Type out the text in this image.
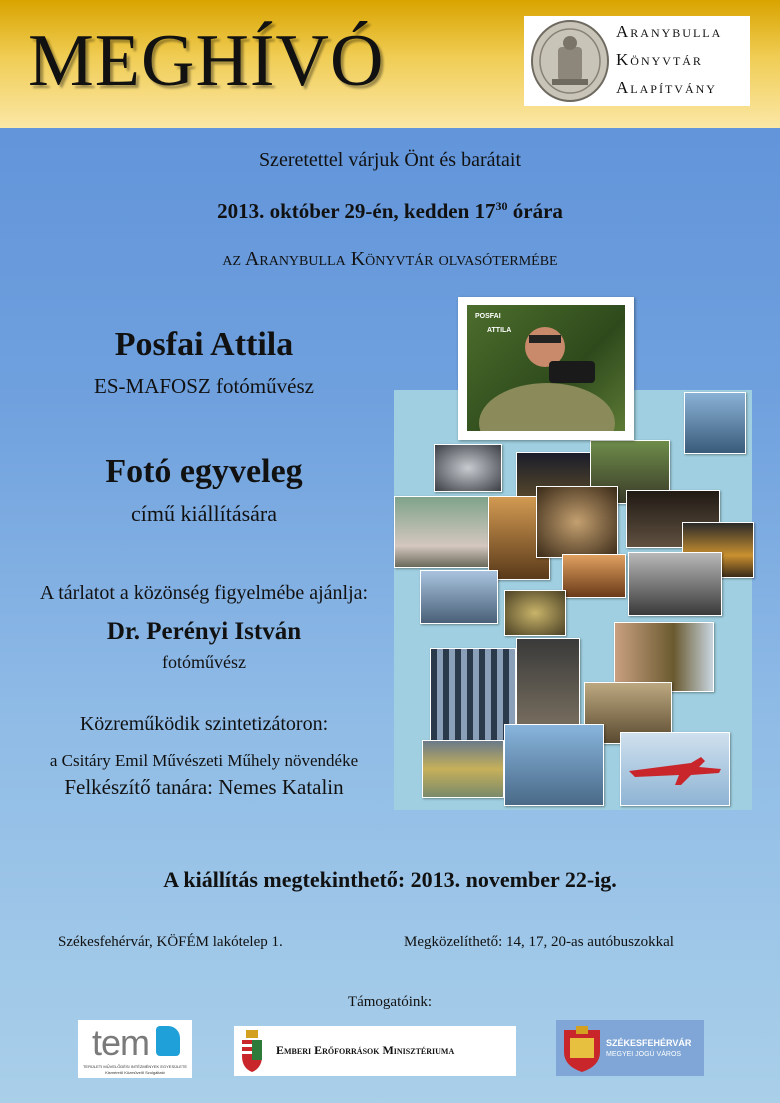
MEGHÍVÓ	Aranybulla
Könyvtár
Alapítvány
Szeretettel várjuk Önt és barátait
2013. október 29-én, kedden $17^{30}$ órára
az Aranybulla Könyvtár olvasótermébe
Posfai Attila
ES-MAFOSZ fotóművész
Fotó egyveleg
című kiállítására
A tárlatot a közönség figyelmébe ajánlja:
Dr. Perényi István
fotóművész
Közreműködik szintetizátoron:
a Csitáry Emil Művészeti Műhely növendéke
Felkészítő tanára: Nemes Katalin
POSFAI
ATTILA
A kiállítás megtekinthető: 2013. november 22-ig.
Székesfehérvár, KÖFÉM lakótelep 1.	Megközelíthető: 14, 17, 20-as autóbuszokkal
Támogatóink:
tem
TERÜLETI MŰVELŐDÉSI INTÉZMÉNYEK EGYESÜLETE
Kisméretű Közművelő Szolgáltató
Emberi Erőforrások Minisztériuma	SZÉKESFEHÉRVÁR
MEGYEI JOGÚ VÁROS
